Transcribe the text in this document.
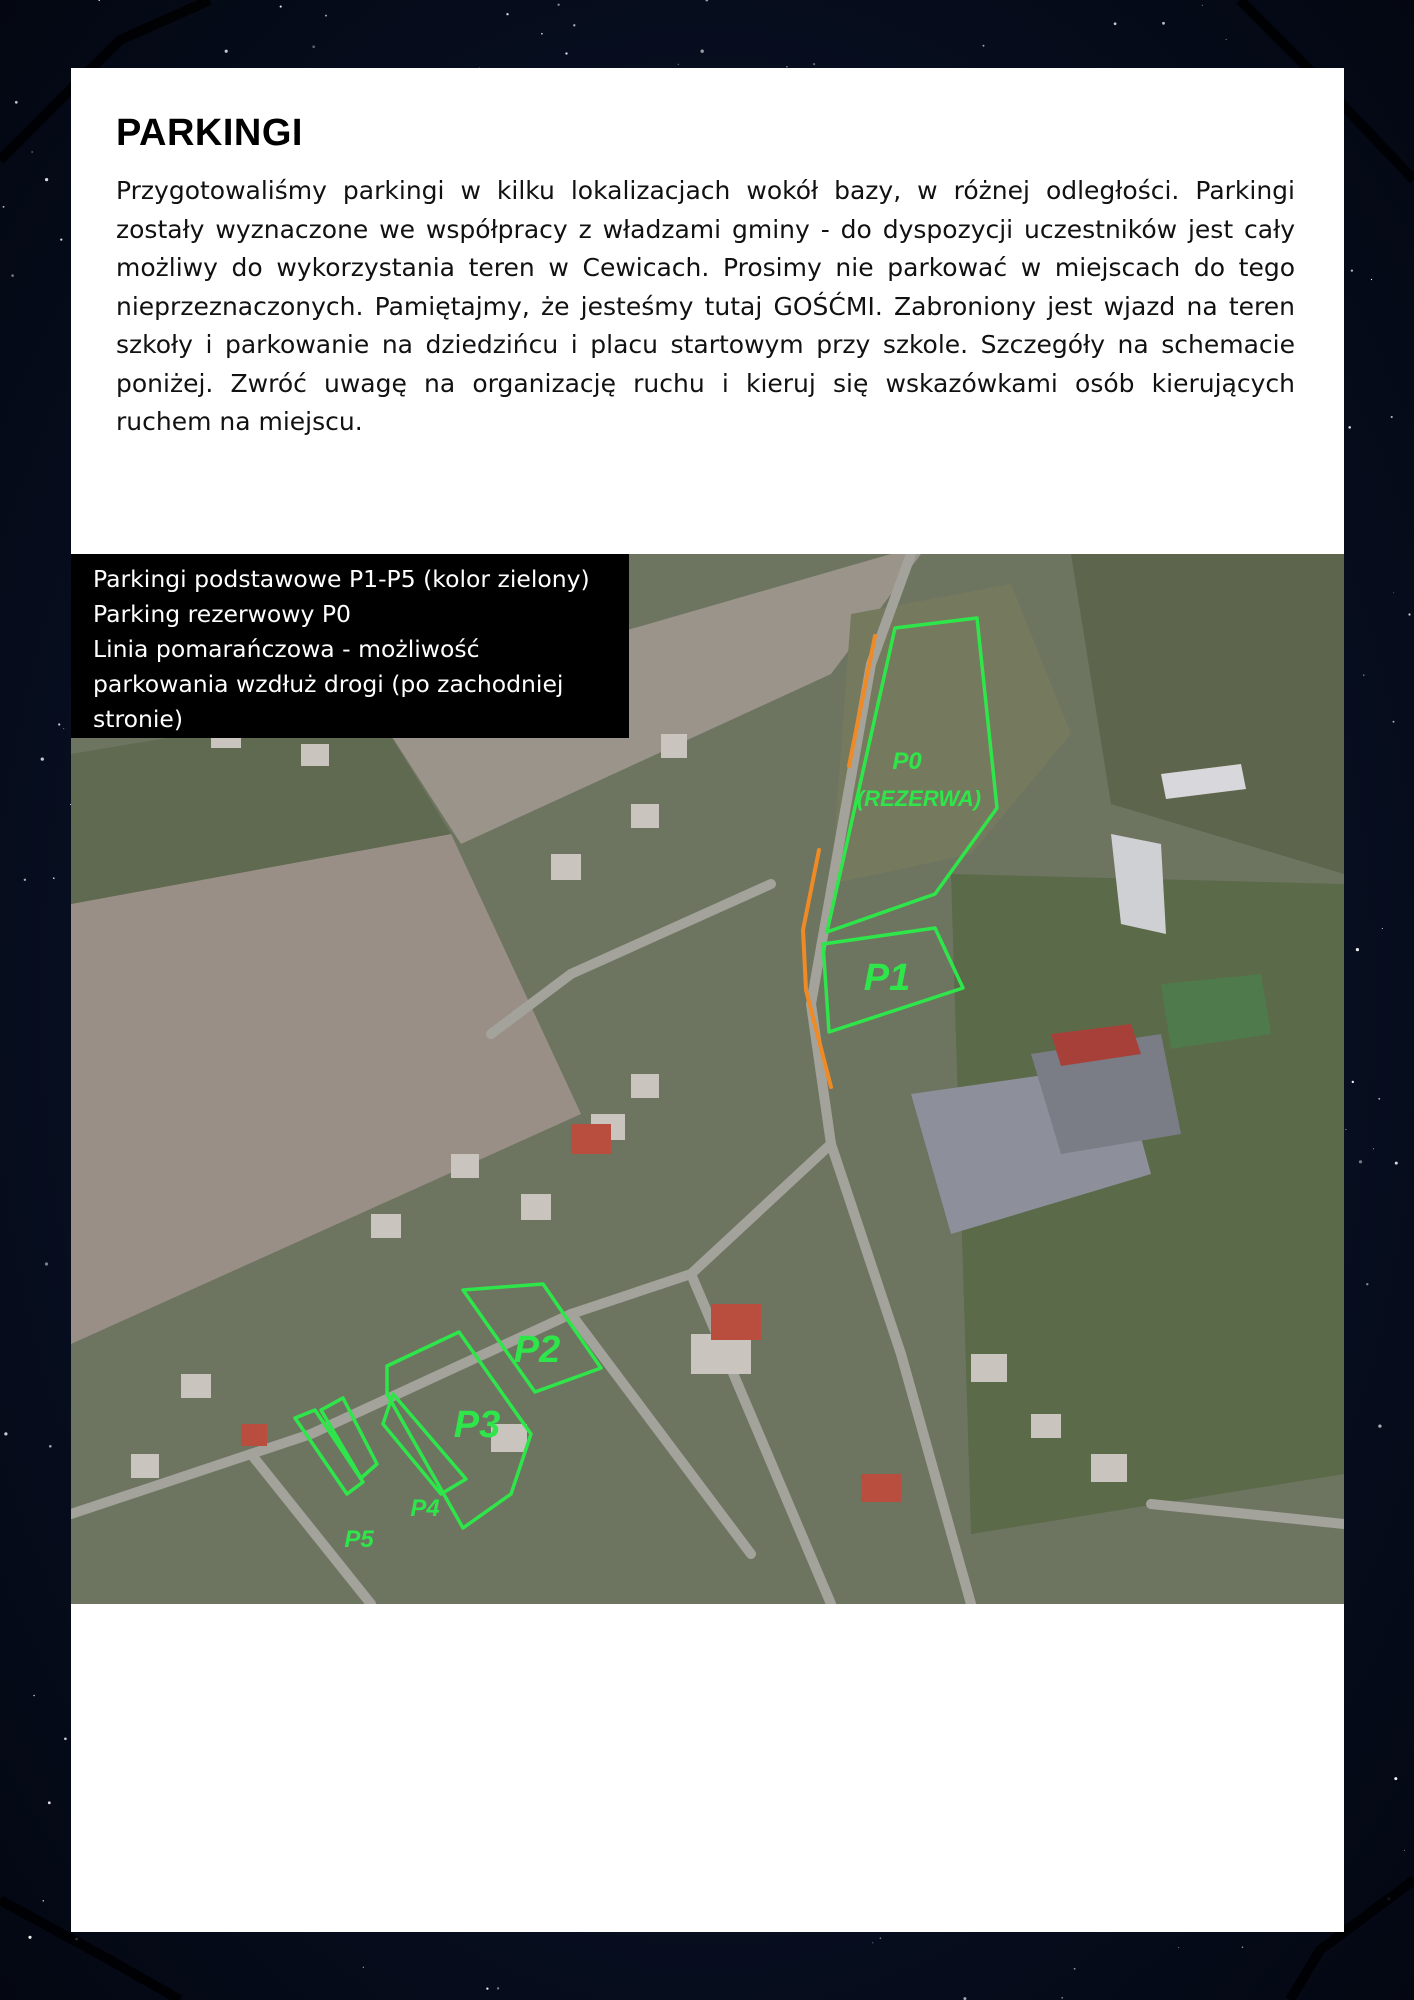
PARKINGI

Przygotowaliśmy parkingi w kilku lokalizacjach wokół bazy, w różnej odległości. Parkingi zostały wyznaczone we współpracy z władzami gminy - do dyspozycji uczestników jest cały możliwy do wykorzystania teren w Cewicach. Prosimy nie parkować w miejscach do tego nieprzeznaczonych. Pamiętajmy, że jesteśmy tutaj GOŚĆMI. Zabroniony jest wjazd na teren szkoły i parkowanie na dziedzińcu i placu startowym przy szkole. Szczegóły na schemacie poniżej. Zwróć uwagę na organizację ruchu i kieruj się wskazówkami osób kierujących ruchem na miejscu.

P0
(REZERWA)
P1
P2
P3
P4
P5
Parkingi podstawowe P1-P5 (kolor zielony)
Parking rezerwowy P0
Linia pomarańczowa - możliwość parkowania wzdłuż drogi (po zachodniej stronie)
